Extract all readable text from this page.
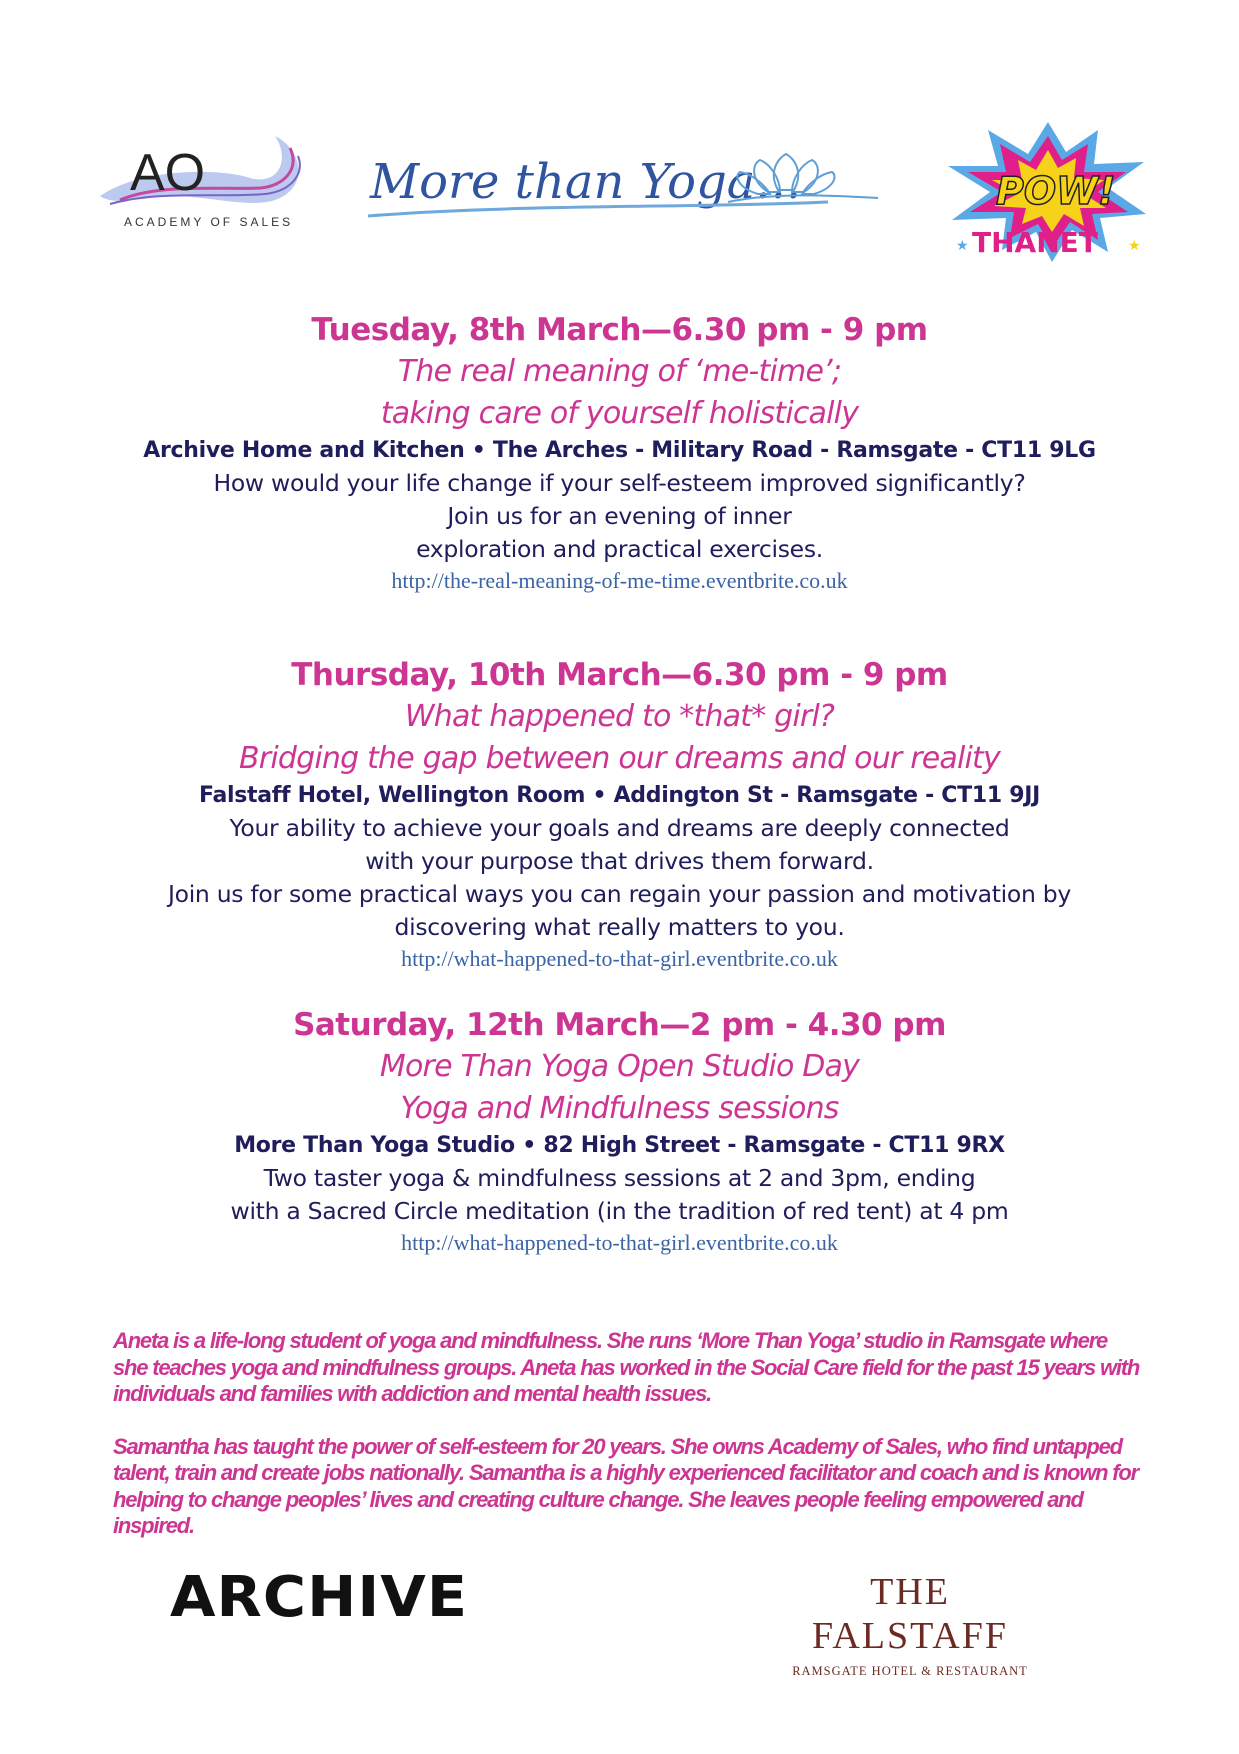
AO
ACADEMY OF SALES
More than Yoga...	POW!
THANET
★	★

Tuesday, 8th March—6.30 pm - 9 pm

The real meaning of ‘me-time’;

taking care of yourself holistically

Archive Home and Kitchen • The Arches - Military Road - Ramsgate - CT11 9LG

How would your life change if your self-esteem improved significantly?

Join us for an evening of inner

exploration and practical exercises.

http://the-real-meaning-of-me-time.eventbrite.co.uk

Thursday, 10th March—6.30 pm - 9 pm

What happened to *that* girl?

Bridging the gap between our dreams and our reality

Falstaff Hotel, Wellington Room • Addington St - Ramsgate - CT11 9JJ

Your ability to achieve your goals and dreams are deeply connected

with your purpose that drives them forward.

Join us for some practical ways you can regain your passion and motivation by

discovering what really matters to you.

http://what-happened-to-that-girl.eventbrite.co.uk

Saturday, 12th March—2 pm - 4.30 pm

More Than Yoga Open Studio Day

Yoga and Mindfulness sessions

More Than Yoga Studio • 82 High Street - Ramsgate - CT11 9RX

Two taster yoga & mindfulness sessions at 2 and 3pm, ending

with a Sacred Circle meditation (in the tradition of red tent) at 4 pm

http://what-happened-to-that-girl.eventbrite.co.uk

Aneta is a life-long student of yoga and mindfulness. She runs ‘More Than Yoga’ studio in Ramsgate where she teaches yoga and mindfulness groups. Aneta has worked in the Social Care field for the past 15 years with individuals and families with addiction and mental health issues.

Samantha has taught the power of self-esteem for 20 years. She owns Academy of Sales, who find untapped talent, train and create jobs nationally. Samantha is a highly experienced facilitator and coach and is known for helping to change peoples’ lives and creating culture change. She leaves people feeling empowered and inspired.

ARCHIVE	THE FALSTAFF
RAMSGATE HOTEL & RESTAURANT
